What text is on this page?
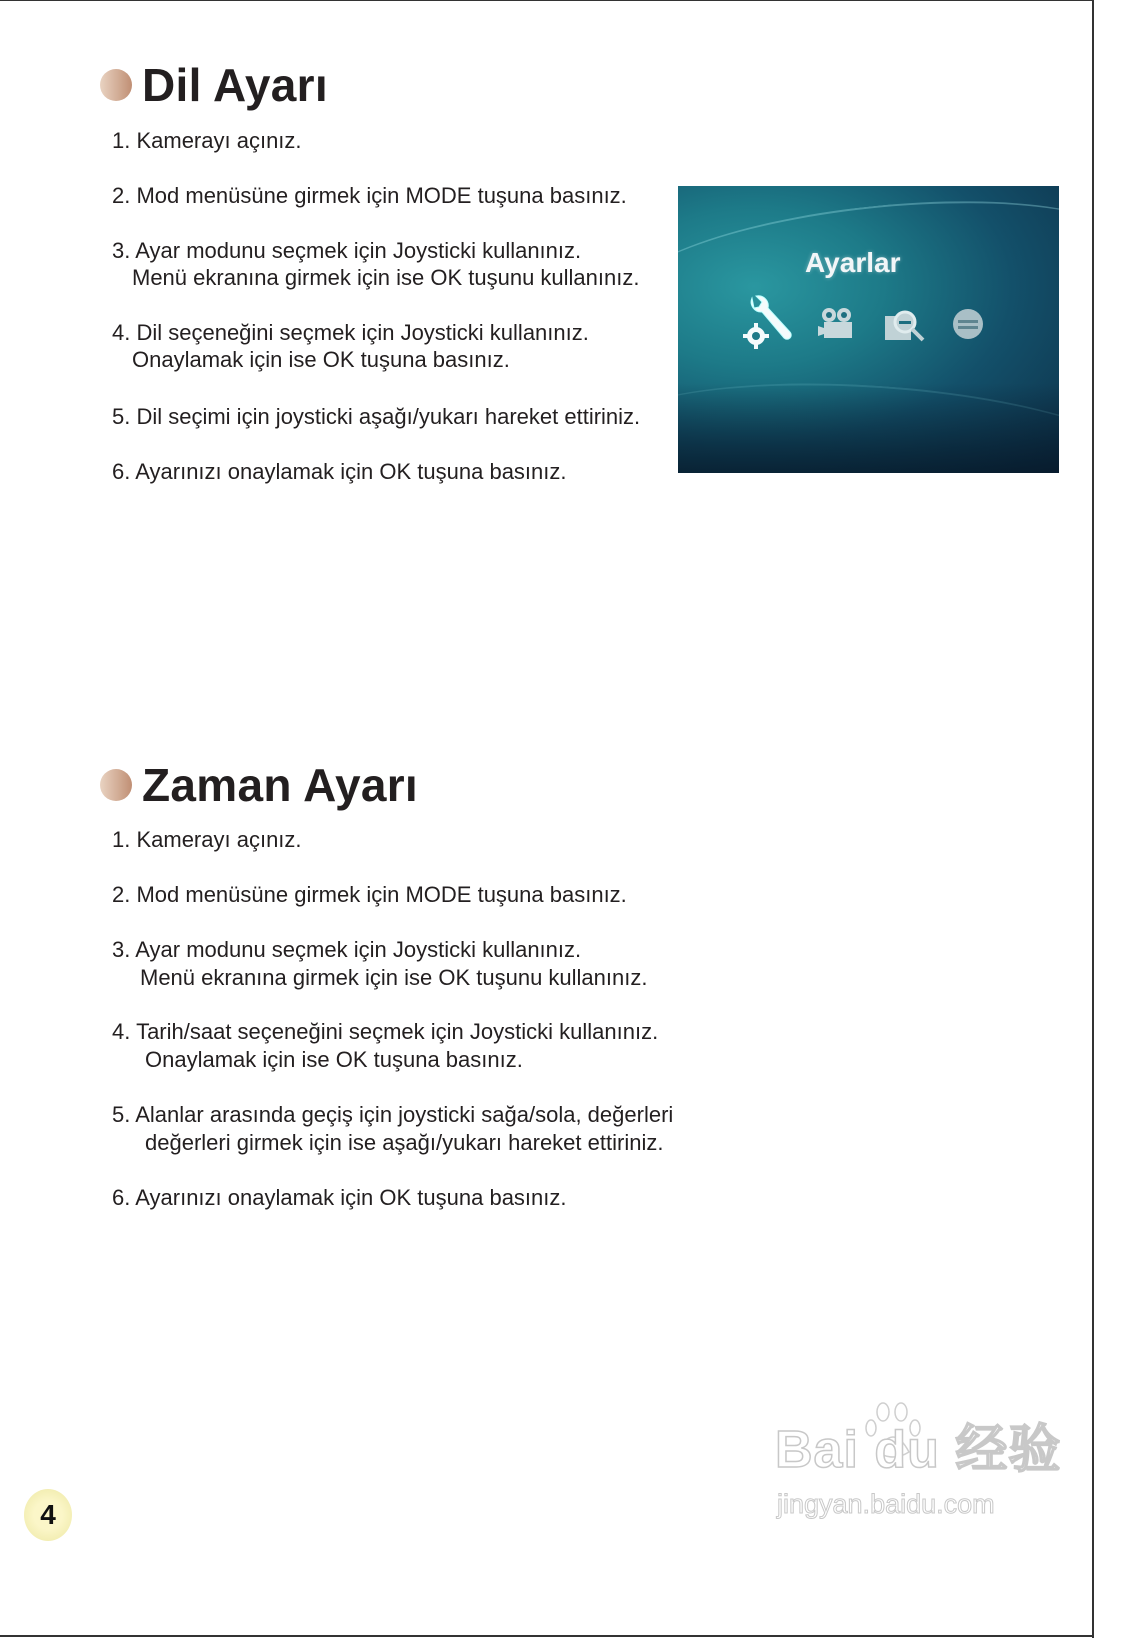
Dil Ayarı
1. Kamerayı açınız.
2. Mod menüsüne girmek için MODE tuşuna basınız.
3. Ayar modunu seçmek için Joysticki kullanınız.
Menü ekranına girmek için ise OK tuşunu kullanınız.
4. Dil seçeneğini seçmek için Joysticki kullanınız.
Onaylamak için ise OK tuşuna basınız.
5. Dil seçimi için joysticki aşağı/yukarı hareket ettiriniz.
6. Ayarınızı onaylamak için OK tuşuna basınız.
Ayarlar
Zaman Ayarı
1. Kamerayı açınız.
2. Mod menüsüne girmek için MODE tuşuna basınız.
3. Ayar modunu seçmek için Joysticki kullanınız.
Menü ekranına girmek için ise OK tuşunu kullanınız.
4. Tarih/saat seçeneğini seçmek için Joysticki kullanınız.
Onaylamak için ise OK tuşuna basınız.
5. Alanlar arasında geçiş için joysticki sağa/sola, değerleri
değerleri girmek için ise aşağı/yukarı hareket ettiriniz.
6. Ayarınızı onaylamak için OK tuşuna basınız.
Bai du 经验
jingyan.baidu.com
4
